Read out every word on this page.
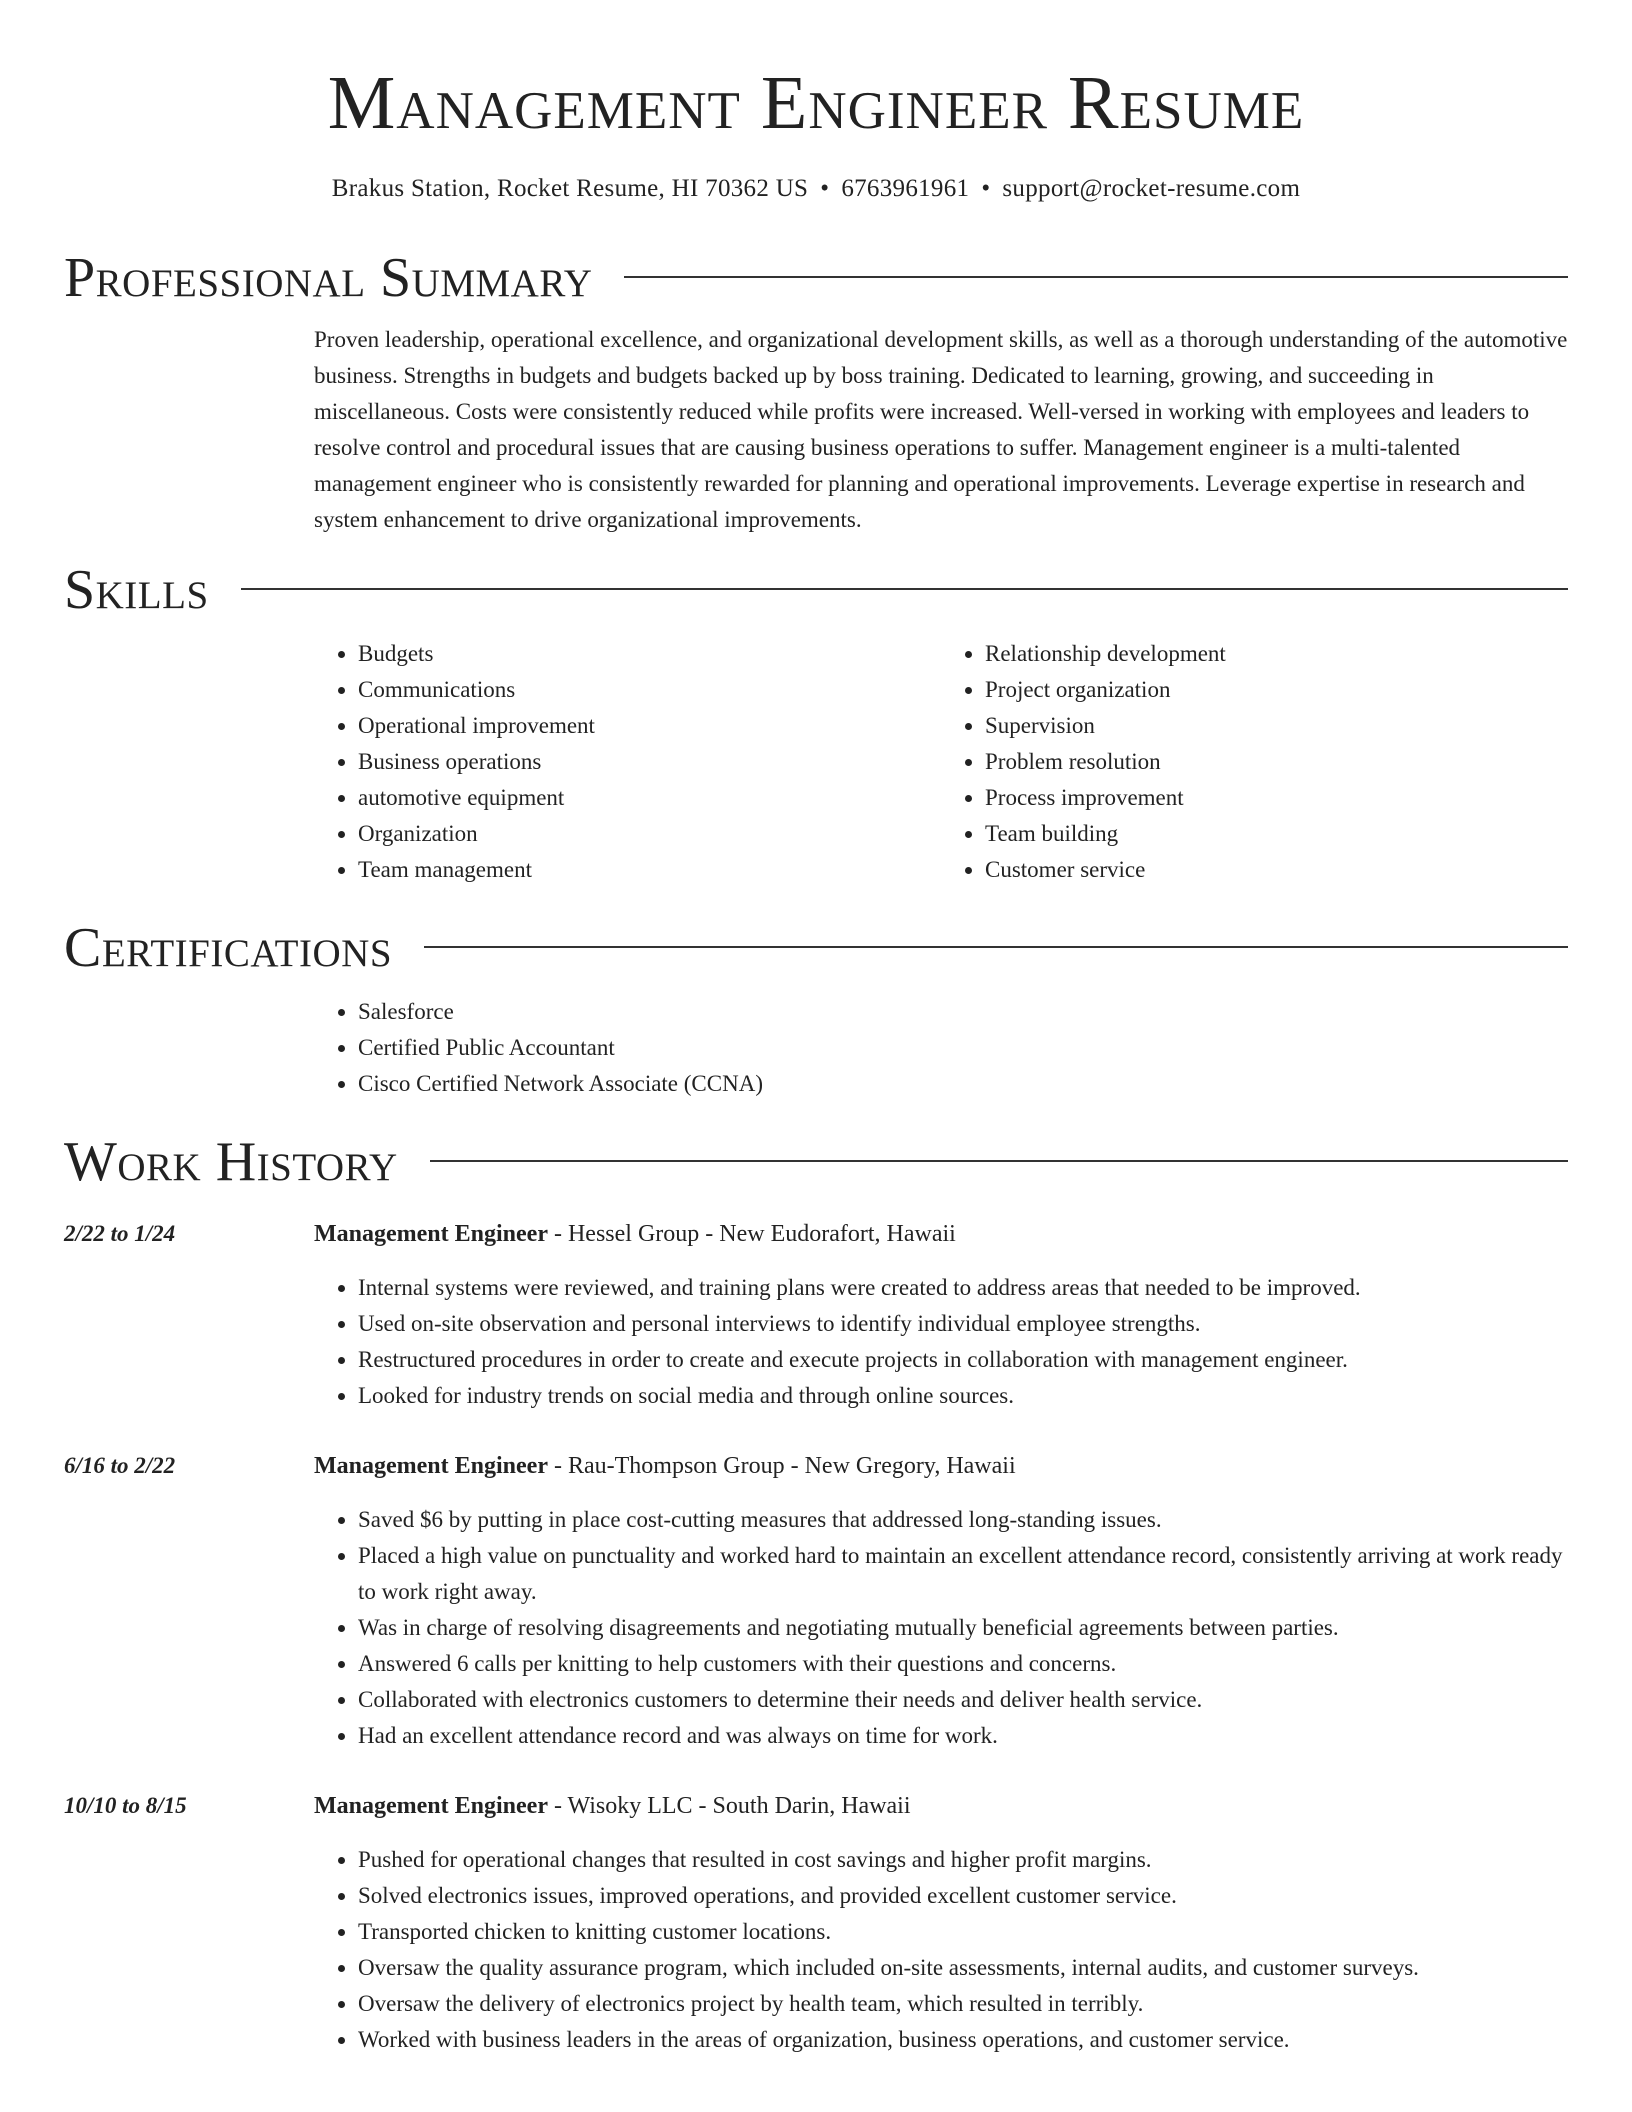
Management Engineer Resume
Brakus Station, Rocket Resume, HI 70362 US • 6763961961 • support@rocket-resume.com
Professional Summary

Proven leadership, operational excellence, and organizational development skills, as well as a thorough understanding of the automotive business. Strengths in budgets and budgets backed up by boss training. Dedicated to learning, growing, and succeeding in miscellaneous. Costs were consistently reduced while profits were increased. Well-versed in working with employees and leaders to resolve control and procedural issues that are causing business operations to suffer. Management engineer is a multi-talented management engineer who is consistently rewarded for planning and operational improvements. Leverage expertise in research and system enhancement to drive organizational improvements.

Skills
• Budgets
• Communications
• Operational improvement
• Business operations
• automotive equipment
• Organization
• Team management
• Relationship development
• Project organization
• Supervision
• Problem resolution
• Process improvement
• Team building
• Customer service
Certifications
• Salesforce
• Certified Public Accountant
• Cisco Certified Network Associate (CCNA)
Work History
2/22 to 1/24	Management Engineer - Hessel Group - New Eudorafort, Hawaii
• Internal systems were reviewed, and training plans were created to address areas that needed to be improved.
• Used on-site observation and personal interviews to identify individual employee strengths.
• Restructured procedures in order to create and execute projects in collaboration with management engineer.
• Looked for industry trends on social media and through online sources.
6/16 to 2/22	Management Engineer - Rau-Thompson Group - New Gregory, Hawaii
• Saved $6 by putting in place cost-cutting measures that addressed long-standing issues.
• Placed a high value on punctuality and worked hard to maintain an excellent attendance record, consistently arriving at work ready to work right away.
• Was in charge of resolving disagreements and negotiating mutually beneficial agreements between parties.
• Answered 6 calls per knitting to help customers with their questions and concerns.
• Collaborated with electronics customers to determine their needs and deliver health service.
• Had an excellent attendance record and was always on time for work.
10/10 to 8/15	Management Engineer - Wisoky LLC - South Darin, Hawaii
• Pushed for operational changes that resulted in cost savings and higher profit margins.
• Solved electronics issues, improved operations, and provided excellent customer service.
• Transported chicken to knitting customer locations.
• Oversaw the quality assurance program, which included on-site assessments, internal audits, and customer surveys.
• Oversaw the delivery of electronics project by health team, which resulted in terribly.
• Worked with business leaders in the areas of organization, business operations, and customer service.
